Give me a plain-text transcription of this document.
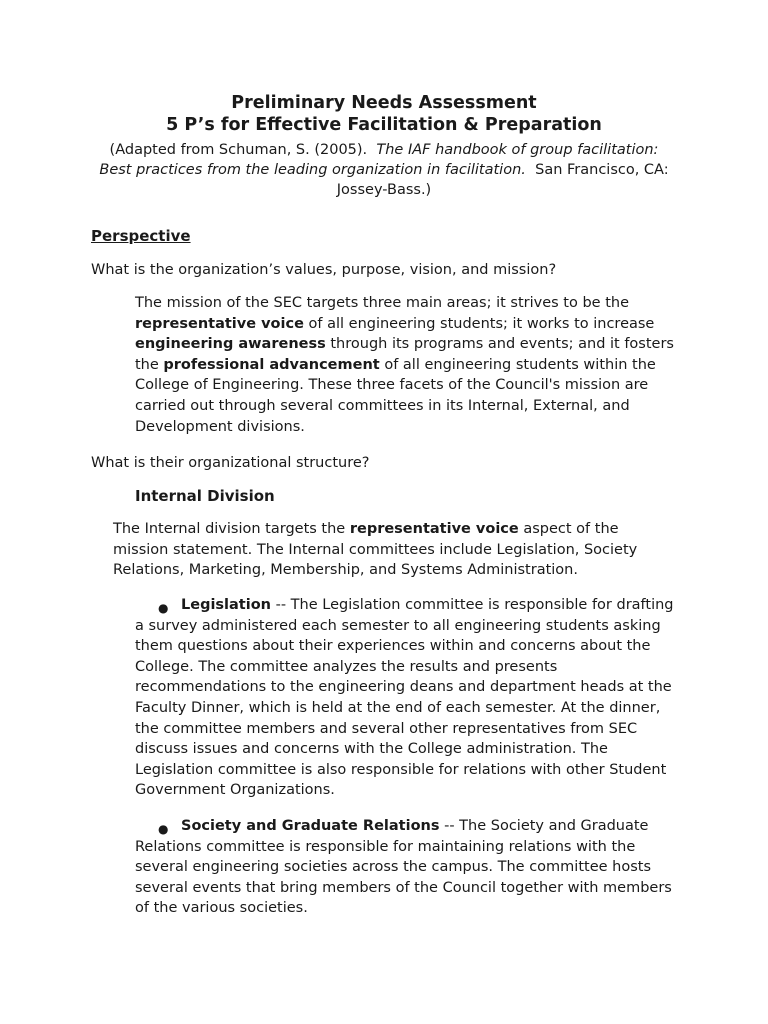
Preliminary Needs Assessment

5 P’s for Effective Facilitation & Preparation

(Adapted from Schuman, S. (2005). The IAF handbook of group facilitation: Best practices from the leading organization in facilitation. San Francisco, CA: Jossey-Bass.)
Perspective
What is the organization’s values, purpose, vision, and mission?
The mission of the SEC targets three main areas; it strives to be the representative voice of all engineering students; it works to increase engineering awareness through its programs and events; and it fosters the professional advancement of all engineering students within the College of Engineering. These three facets of the Council's mission are carried out through several committees in its Internal, External, and Development divisions.
What is their organizational structure?
Internal Division
The Internal division targets the representative voice aspect of the mission statement. The Internal committees include Legislation, Society Relations, Marketing, Membership, and Systems Administration.
● Legislation -- The Legislation committee is responsible for drafting a survey administered each semester to all engineering students asking them questions about their experiences within and concerns about the College. The committee analyzes the results and presents recommendations to the engineering deans and department heads at the Faculty Dinner, which is held at the end of each semester. At the dinner, the committee members and several other representatives from SEC discuss issues and concerns with the College administration. The Legislation committee is also responsible for relations with other Student Government Organizations.
● Society and Graduate Relations -- The Society and Graduate Relations committee is responsible for maintaining relations with the several engineering societies across the campus. The committee hosts several events that bring members of the Council together with members of the various societies.
